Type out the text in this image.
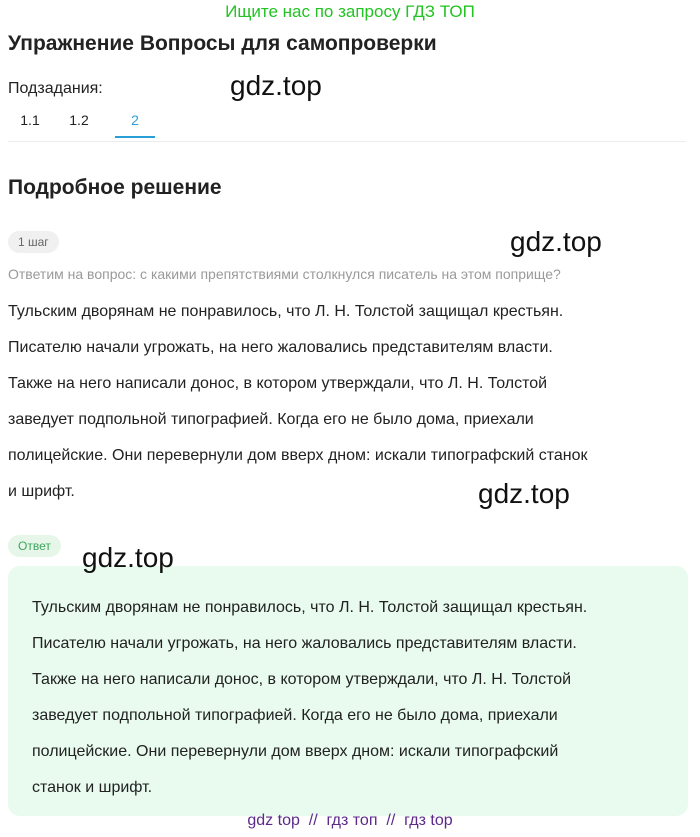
Ищите нас по запросу ГДЗ ТОП
Упражнение Вопросы для самопроверки
Подзадания:
1.1	1.2	2
Подробное решение
1 шаг
Ответим на вопрос: с какими препятствиями столкнулся писатель на этом поприще?
Тульским дворянам не понравилось, что Л. Н. Толстой защищал крестьян.
Писателю начали угрожать, на него жаловались представителям власти.
Также на него написали донос, в котором утверждали, что Л. Н. Толстой
заведует подпольной типографией. Когда его не было дома, приехали
полицейские. Они перевернули дом вверх дном: искали типографский станок
и шрифт.
Ответ
Тульским дворянам не понравилось, что Л. Н. Толстой защищал крестьян.
Писателю начали угрожать, на него жаловались представителям власти.
Также на него написали донос, в котором утверждали, что Л. Н. Толстой
заведует подпольной типографией. Когда его не было дома, приехали
полицейские. Они перевернули дом вверх дном: искали типографский
станок и шрифт.
gdz.top
gdz.top
gdz.top
gdz.top
gdz top  //  гдз топ  //  гдз top
